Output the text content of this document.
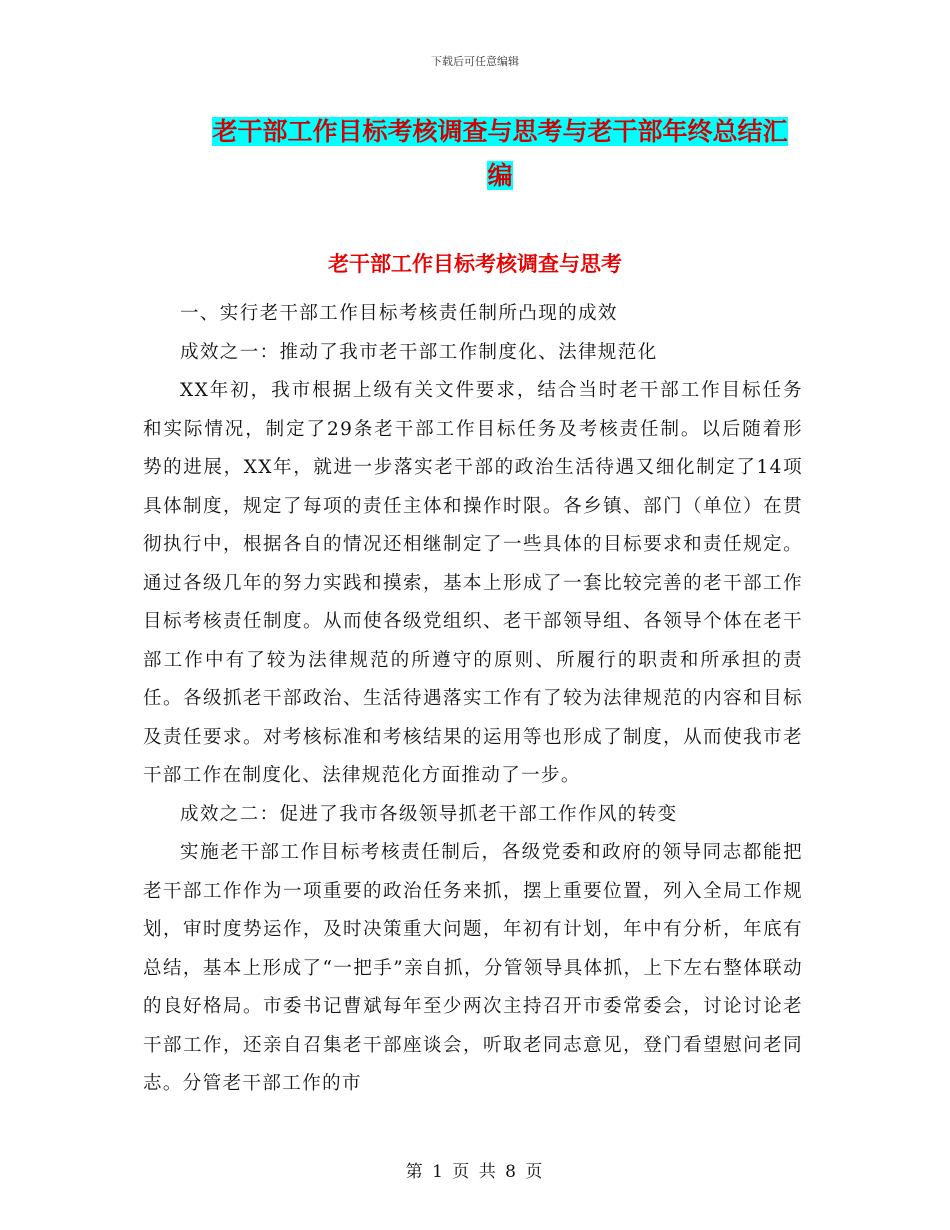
下载后可任意编辑
老干部工作目标考核调查与思考与老干部年终总结汇
编
老干部工作目标考核调查与思考

一、实行老干部工作目标考核责任制所凸现的成效

成效之一：推动了我市老干部工作制度化、法律规范化

XX年初，我市根据上级有关文件要求，结合当时老干部工作目标任务和实际情况，制定了29条老干部工作目标任务及考核责任制。以后随着形势的进展，XX年，就进一步落实老干部的政治生活待遇又细化制定了14项具体制度，规定了每项的责任主体和操作时限。各乡镇、部门（单位）在贯彻执行中，根据各自的情况还相继制定了一些具体的目标要求和责任规定。通过各级几年的努力实践和摸索，基本上形成了一套比较完善的老干部工作目标考核责任制度。从而使各级党组织、老干部领导组、各领导个体在老干部工作中有了较为法律规范的所遵守的原则、所履行的职责和所承担的责任。各级抓老干部政治、生活待遇落实工作有了较为法律规范的内容和目标及责任要求。对考核标准和考核结果的运用等也形成了制度，从而使我市老干部工作在制度化、法律规范化方面推动了一步。

成效之二：促进了我市各级领导抓老干部工作作风的转变

实施老干部工作目标考核责任制后，各级党委和政府的领导同志都能把老干部工作作为一项重要的政治任务来抓，摆上重要位置，列入全局工作规划，审时度势运作，及时决策重大问题，年初有计划，年中有分析，年底有总结，基本上形成了“一把手”亲自抓，分管领导具体抓，上下左右整体联动的良好格局。市委书记曹斌每年至少两次主持召开市委常委会，讨论讨论老干部工作，还亲自召集老干部座谈会，听取老同志意见，登门看望慰问老同志。分管老干部工作的市

第 1 页 共 8 页
